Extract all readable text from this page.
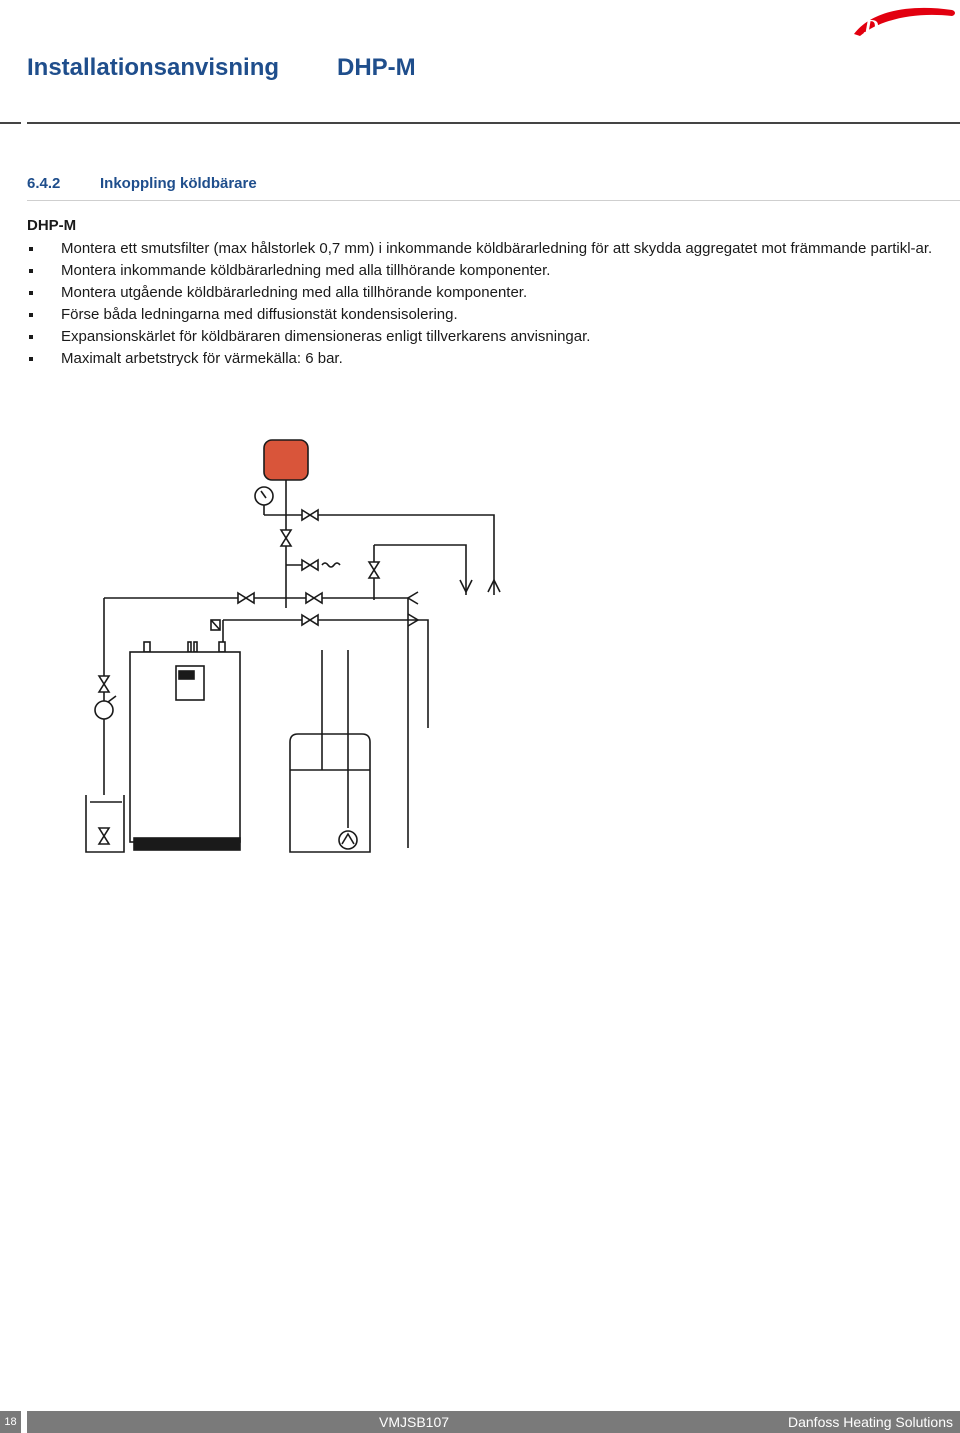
Installationsanvisning DHP-M
Danfoss
6.4.2	Inkoppling köldbärare
DHP-M
Montera ett smutsfilter (max hålstorlek 0,7 mm) i inkommande köldbärarledning för att skydda aggregatet mot främmande partikl-ar.
Montera inkommande köldbärarledning med alla tillhörande komponenter.
Montera utgående köldbärarledning med alla tillhörande komponenter.
Förse båda ledningarna med diffusionstät kondensisolering.
Expansionskärlet för köldbäraren dimensioneras enligt tillverkarens anvisningar.
Maximalt arbetstryck för värmekälla: 6 bar.
18	VMJSB107	Danfoss Heating Solutions
